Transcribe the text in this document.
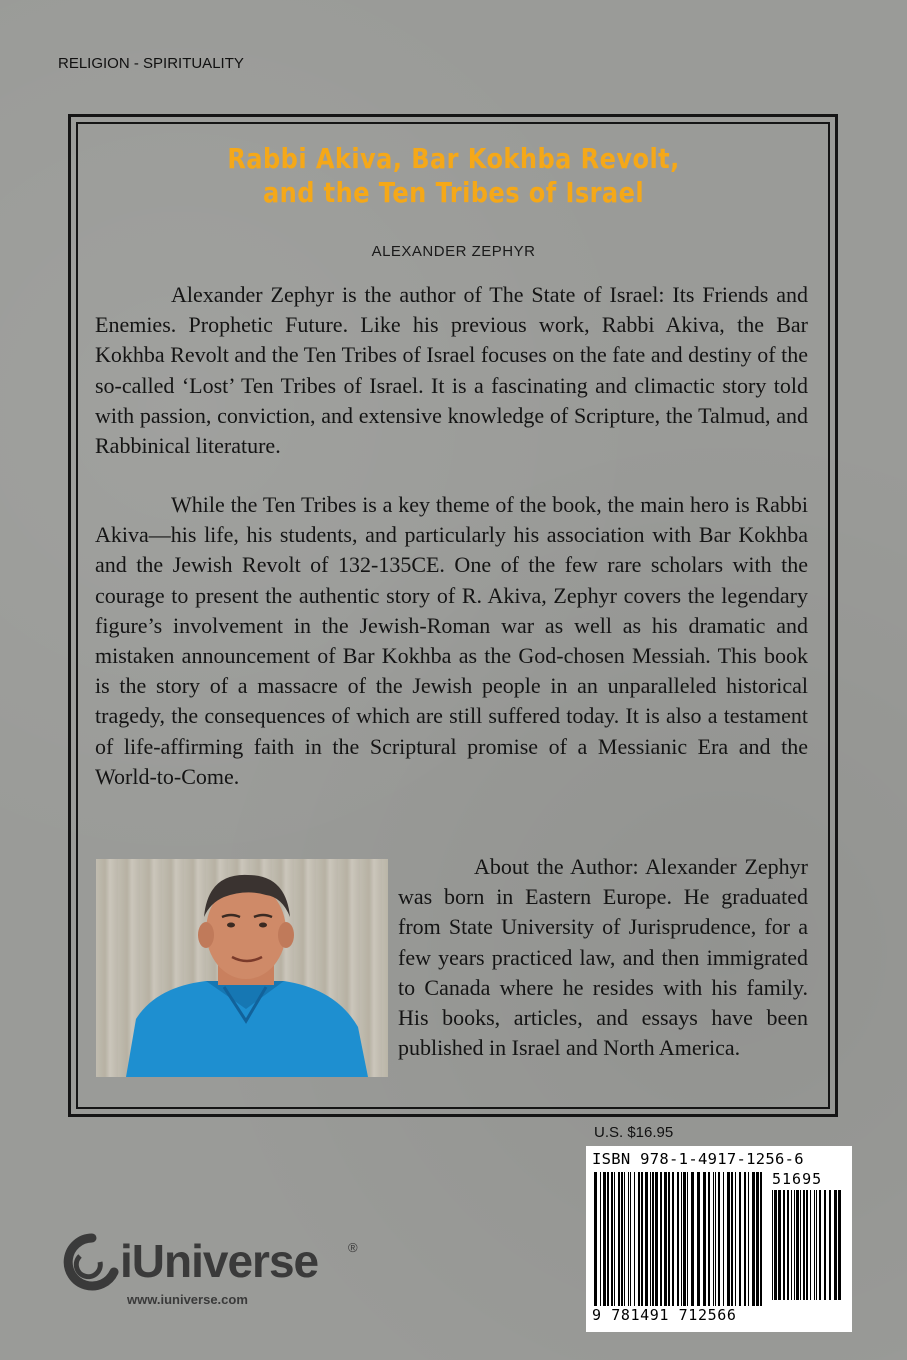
RELIGION - SPIRITUALITY
Rabbi Akiva, Bar Kokhba Revolt,
and the Ten Tribes of Israel
ALEXANDER ZEPHYR

Alexander Zephyr is the author of The State of Israel: Its Friends and Enemies. Prophetic Future. Like his previous work, Rabbi Akiva, the Bar Kokhba Revolt and the Ten Tribes of Israel focuses on the fate and destiny of the so-called ‘Lost’ Ten Tribes of Israel. It is a fascinating and climactic story told with passion, conviction, and extensive knowledge of Scripture, the Talmud, and Rabbinical literature.

While the Ten Tribes is a key theme of the book, the main hero is Rabbi Akiva—his life, his students, and particularly his association with Bar Kokhba and the Jewish Revolt of 132-135CE. One of the few rare scholars with the courage to present the authentic story of R. Akiva, Zephyr covers the legendary figure’s involvement in the Jewish-Roman war as well as his dramatic and mistaken announcement of Bar Kokhba as the God-chosen Messiah. This book is the story of a massacre of the Jewish people in an unparalleled historical tragedy, the consequences of which are still suffered today. It is also a testament of life-affirming faith in the Scriptural promise of a Messianic Era and the World-to-Come.

About the Author: Alexander Zephyr was born in Eastern Europe. He graduated from State University of Jurisprudence, for a few years practiced law, and then immigrated to Canada where he resides with his family. His books, articles, and essays have been published in Israel and North America.

U.S. $16.95
ISBN 978-1-4917-1256-6
51695
9 781491 712566
iUniverse ®
www.iuniverse.com
